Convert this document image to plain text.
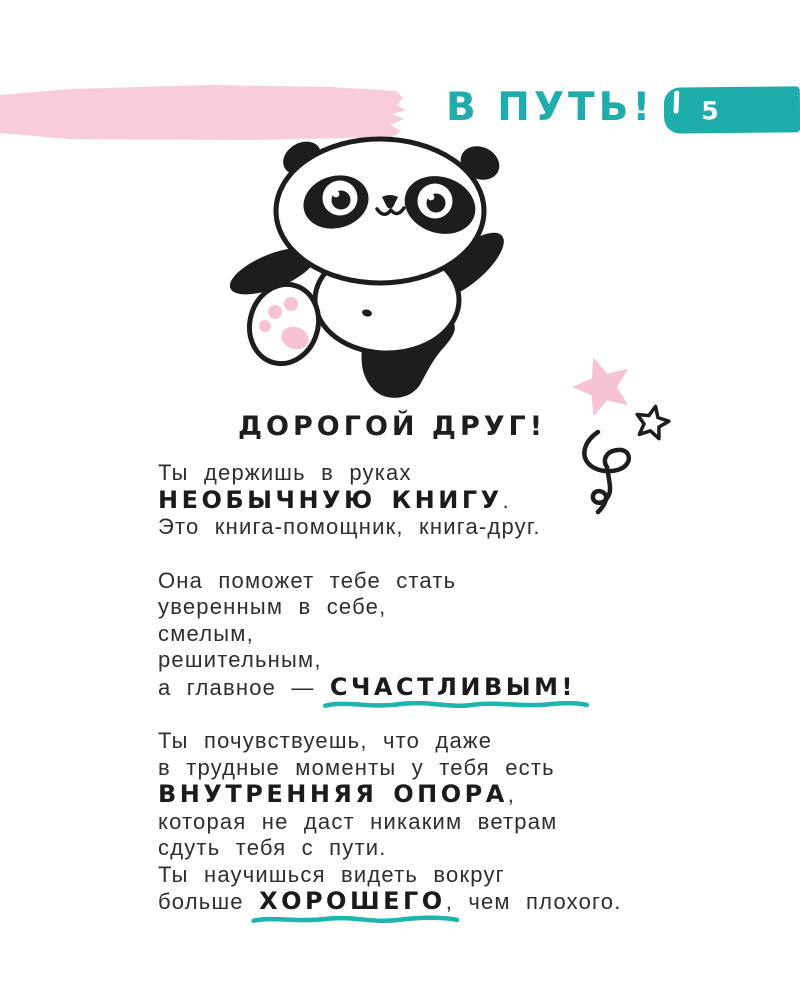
В ПУТЬ! 5
ДОРОГОЙ ДРУГ!

Ты держишь в руках
НЕОБЫЧНУЮ КНИГУ.
Это книга-помощник, книга-друг.

Она поможет тебе стать
уверенным в себе,
смелым,
решительным,
а главное — СЧАСТЛИВЫМ!

Ты почувствуешь, что даже
в трудные моменты у тебя есть
ВНУТРЕННЯЯ ОПОРА,
которая не даст никаким ветрам
сдуть тебя с пути.
Ты научишься видеть вокруг
больше ХОРОШЕГО
, чем плохого.
